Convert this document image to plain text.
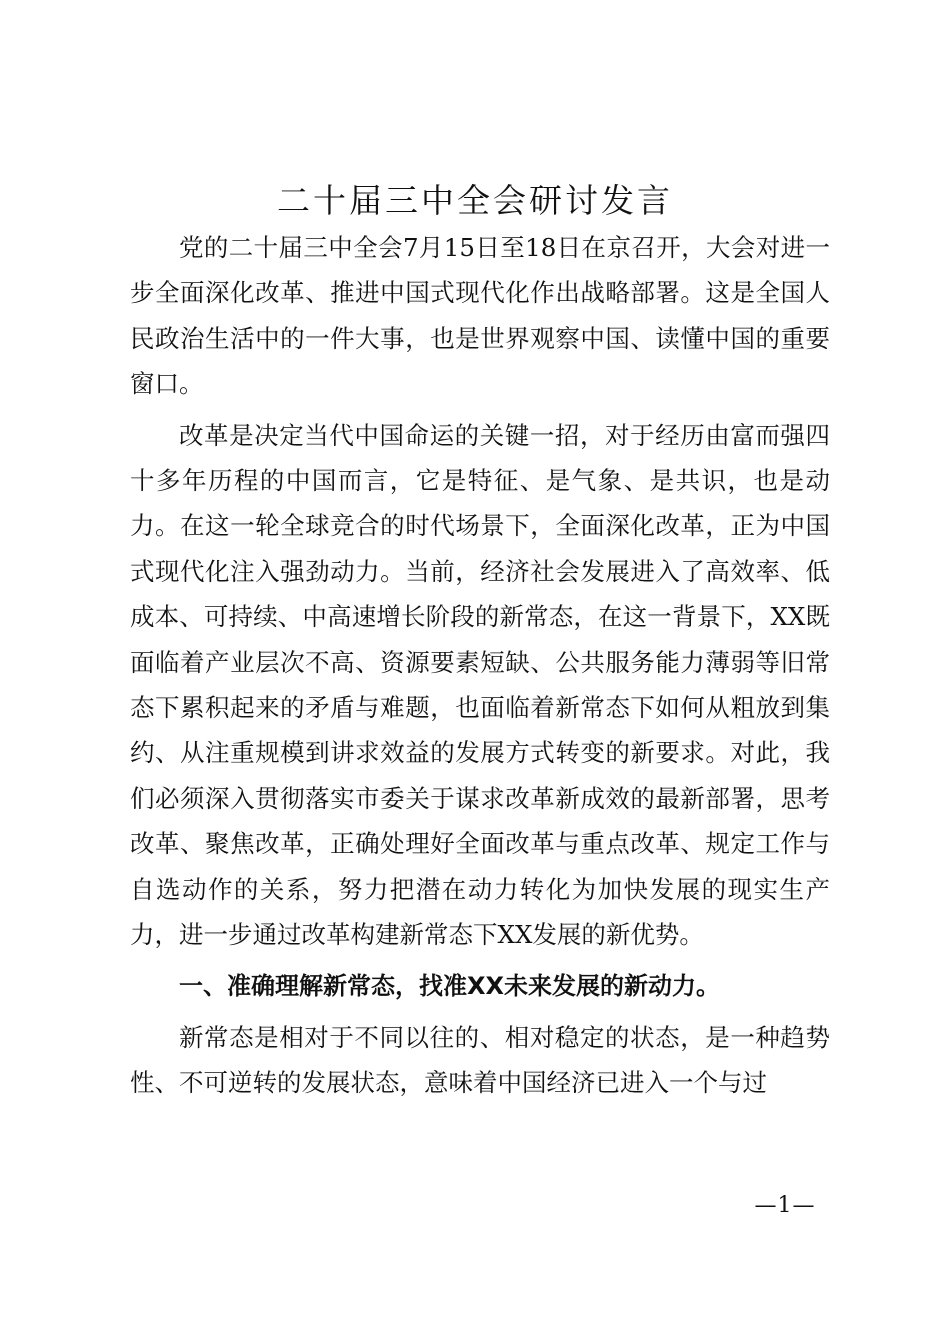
二十届三中全会研讨发言

党的二十届三中全会7月15日至18日在京召开，大会对进一步全面深化改革、推进中国式现代化作出战略部署。这是全国人民政治生活中的一件大事，也是世界观察中国、读懂中国的重要窗口。

改革是决定当代中国命运的关键一招，对于经历由富而强四十多年历程的中国而言，它是特征、是气象、是共识，也是动力。在这一轮全球竞合的时代场景下，全面深化改革，正为中国式现代化注入强劲动力。当前，经济社会发展进入了高效率、低成本、可持续、中高速增长阶段的新常态，在这一背景下，XX既面临着产业层次不高、资源要素短缺、公共服务能力薄弱等旧常态下累积起来的矛盾与难题，也面临着新常态下如何从粗放到集约、从注重规模到讲求效益的发展方式转变的新要求。对此，我们必须深入贯彻落实市委关于谋求改革新成效的最新部署，思考改革、聚焦改革，正确处理好全面改革与重点改革、规定工作与自选动作的关系，努力把潜在动力转化为加快发展的现实生产力，进一步通过改革构建新常态下XX发展的新优势。

一、准确理解新常态，找准XX未来发展的新动力。

新常态是相对于不同以往的、相对稳定的状态，是一种趋势性、不可逆转的发展状态，意味着中国经济已进入一个与过

—1—
